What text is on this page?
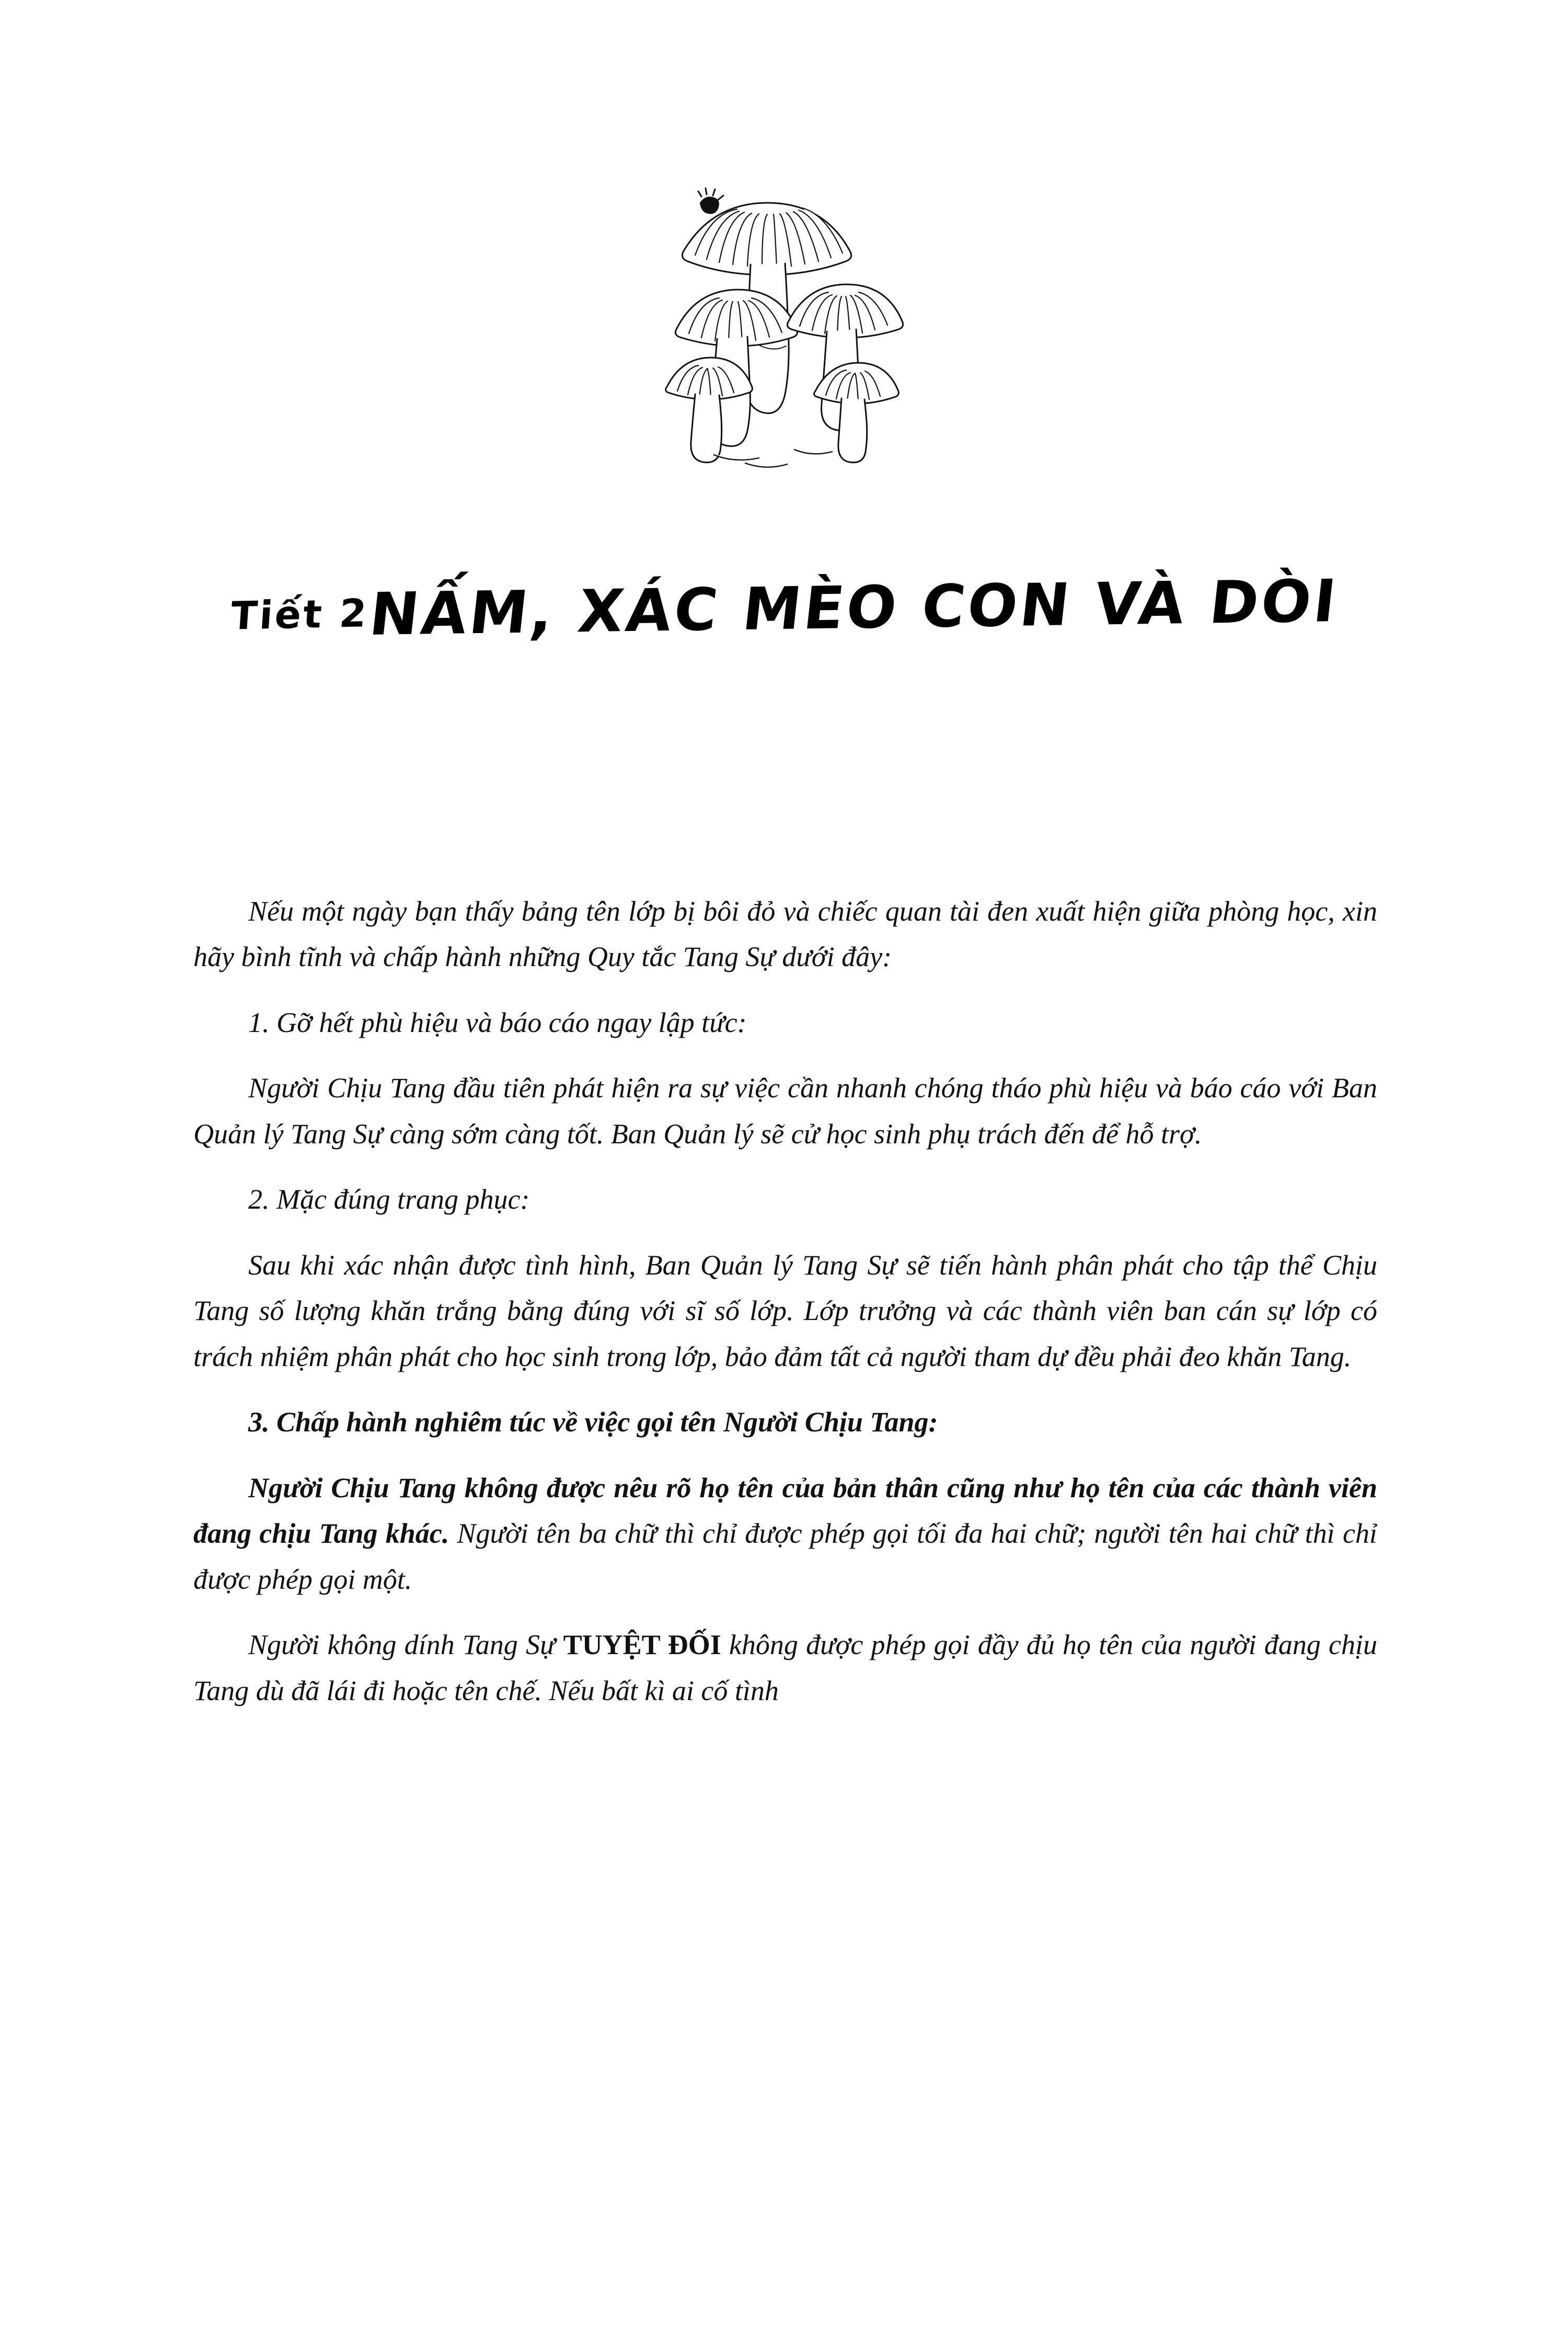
Tiết 2 NẤM, XÁC MÈO CON VÀ DÒI

Nếu một ngày bạn thấy bảng tên lớp bị bôi đỏ và chiếc quan tài đen xuất hiện giữa phòng học, xin hãy bình tĩnh và chấp hành những Quy tắc Tang Sự dưới đây:

1. Gỡ hết phù hiệu và báo cáo ngay lập tức:

Người Chịu Tang đầu tiên phát hiện ra sự việc cần nhanh chóng tháo phù hiệu và báo cáo với Ban Quản lý Tang Sự càng sớm càng tốt. Ban Quản lý sẽ cử học sinh phụ trách đến để hỗ trợ.

2. Mặc đúng trang phục:

Sau khi xác nhận được tình hình, Ban Quản lý Tang Sự sẽ tiến hành phân phát cho tập thể Chịu Tang số lượng khăn trắng bằng đúng với sĩ số lớp. Lớp trưởng và các thành viên ban cán sự lớp có trách nhiệm phân phát cho học sinh trong lớp, bảo đảm tất cả người tham dự đều phải đeo khăn Tang.

3. Chấp hành nghiêm túc về việc gọi tên Người Chịu Tang:

Người Chịu Tang không được nêu rõ họ tên của bản thân cũng như họ tên của các thành viên đang chịu Tang khác. Người tên ba chữ thì chỉ được phép gọi tối đa hai chữ; người tên hai chữ thì chỉ được phép gọi một.

Người không dính Tang Sự TUYỆT ĐỐI không được phép gọi đầy đủ họ tên của người đang chịu Tang dù đã lái đi hoặc tên chế. Nếu bất kì ai cố tình
